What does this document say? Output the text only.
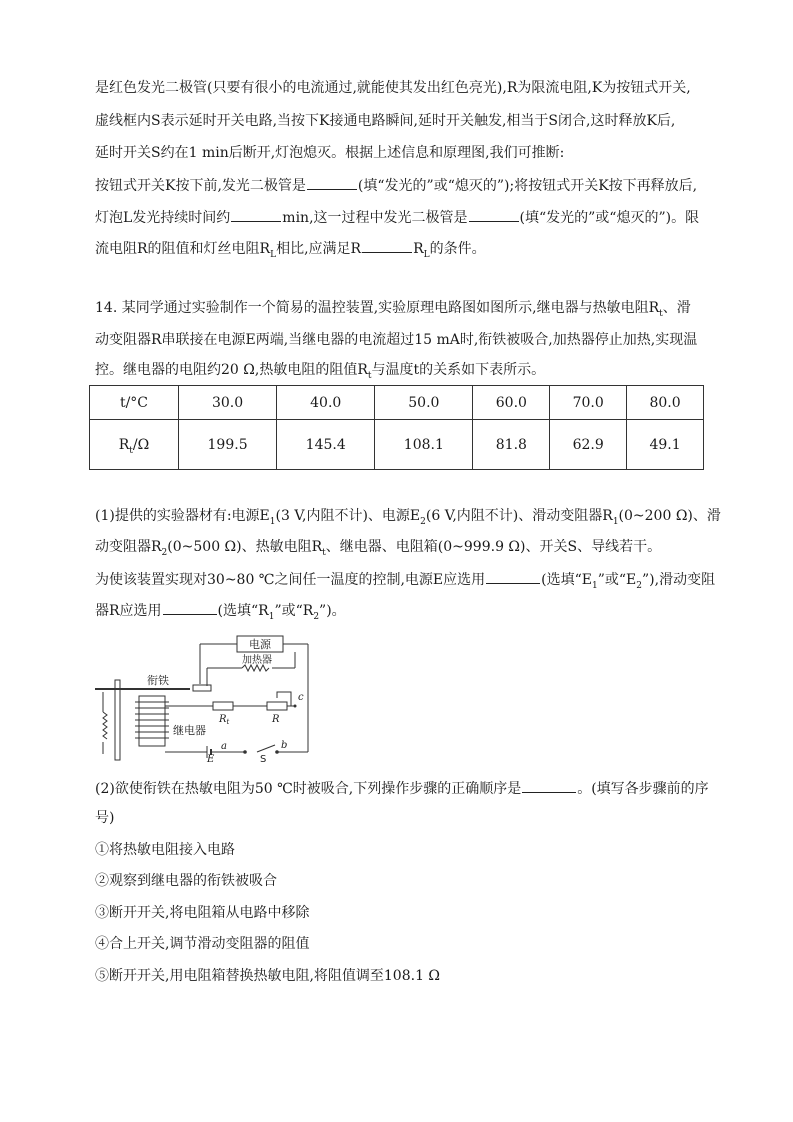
是红色发光二极管(只要有很小的电流通过,就能使其发出红色亮光),R为限流电阻,K为按钮式开关,
虚线框内S表示延时开关电路,当按下K接通电路瞬间,延时开关触发,相当于S闭合,这时释放K后,
延时开关S约在1 min后断开,灯泡熄灭。根据上述信息和原理图,我们可推断:
按钮式开关K按下前,发光二极管是	(填“发光的”或“熄灭的”);将按钮式开关K按下再释放后,
灯泡L发光持续时间约	min,这一过程中发光二极管是	(填“发光的”或“熄灭的”)。限
流电阻R的阻值和灯丝电阻$R_L$相比,应满足R	$R_L$的条件。
14. 某同学通过实验制作一个简易的温控装置,实验原理电路图如图所示,继电器与热敏电阻$R_t$、滑
动变阻器R串联接在电源E两端,当继电器的电流超过15 mA时,衔铁被吸合,加热器停止加热,实现温
控。继电器的电阻约20 Ω,热敏电阻的阻值$R_t$与温度t的关系如下表所示。
t/°C	30.0	40.0	50.0	60.0	70.0	80.0
$R_t/\Omega$	199.5	145.4	108.1	81.8	62.9	49.1
(1)提供的实验器材有:电源$E_1(3$ V,内阻不计)、电源$E_2(6$ V,内阻不计)、滑动变阻器$R_1(0\sim 200$ Ω)、滑
动变阻器$R_2(0\sim 500$ Ω)、热敏电阻$R_t$、继电器、电阻箱(0~999.9 Ω)、开关S、导线若干。
为使该装置实现对30~80 ℃之间任一温度的控制,电源E应选用	(选填“$E_1$”或“$E_2$”),滑动变阻
器R应选用	(选填“$R_1$”或“$R_2$”)。
电源
加热器
衔铁
继电器
$R_t$	R
c
a	b
E	S
(2)欲使衔铁在热敏电阻为50 ℃时被吸合,下列操作步骤的正确顺序是	。(填写各步骤前的序
号)
①将热敏电阻接入电路
②观察到继电器的衔铁被吸合
③断开开关,将电阻箱从电路中移除
④合上开关,调节滑动变阻器的阻值
⑤断开开关,用电阻箱替换热敏电阻,将阻值调至108.1 Ω
